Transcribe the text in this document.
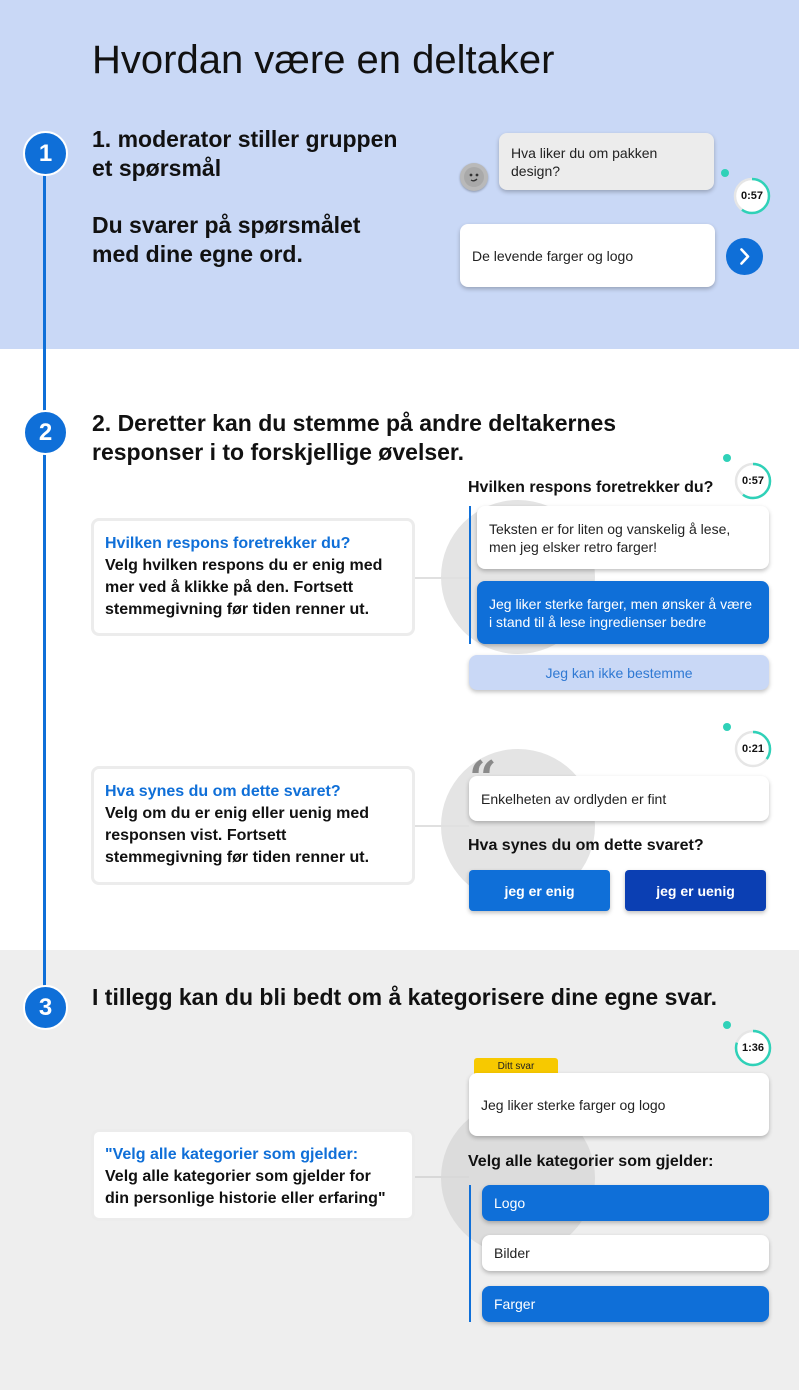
1
2
3
Hvordan være en deltaker
1. moderator stiller gruppen
et spørsmål
Du svarer på spørsmålet
med dine egne ord.
Hva liker du om pakken
design?
0:57
De levende farger og logo
2. Deretter kan du stemme på andre deltakernes
responser i to forskjellige øvelser.
Hvilken respons foretrekker du?
Velg hvilken respons du er enig med
mer ved å klikke på den. Fortsett
stemmegivning før tiden renner ut.
0:57
Hvilken respons foretrekker du?
Teksten er for liten og vanskelig å lese,
men jeg elsker retro farger!
Jeg liker sterke farger, men ønsker å være
i stand til å lese ingredienser bedre
Jeg kan ikke bestemme
Hva synes du om dette svaret?
Velg om du er enig eller uenig med
responsen vist. Fortsett
stemmegivning før tiden renner ut.
0:21
Enkelheten av ordlyden er fint
Hva synes du om dette svaret?
jeg er enig	jeg er uenig
I tillegg kan du bli bedt om å kategorisere dine egne svar.
"Velg alle kategorier som gjelder:
Velg alle kategorier som gjelder for
din personlige historie eller erfaring"
1:36
Ditt svar
Jeg liker sterke farger og logo
Velg alle kategorier som gjelder:
Logo
Bilder
Farger
